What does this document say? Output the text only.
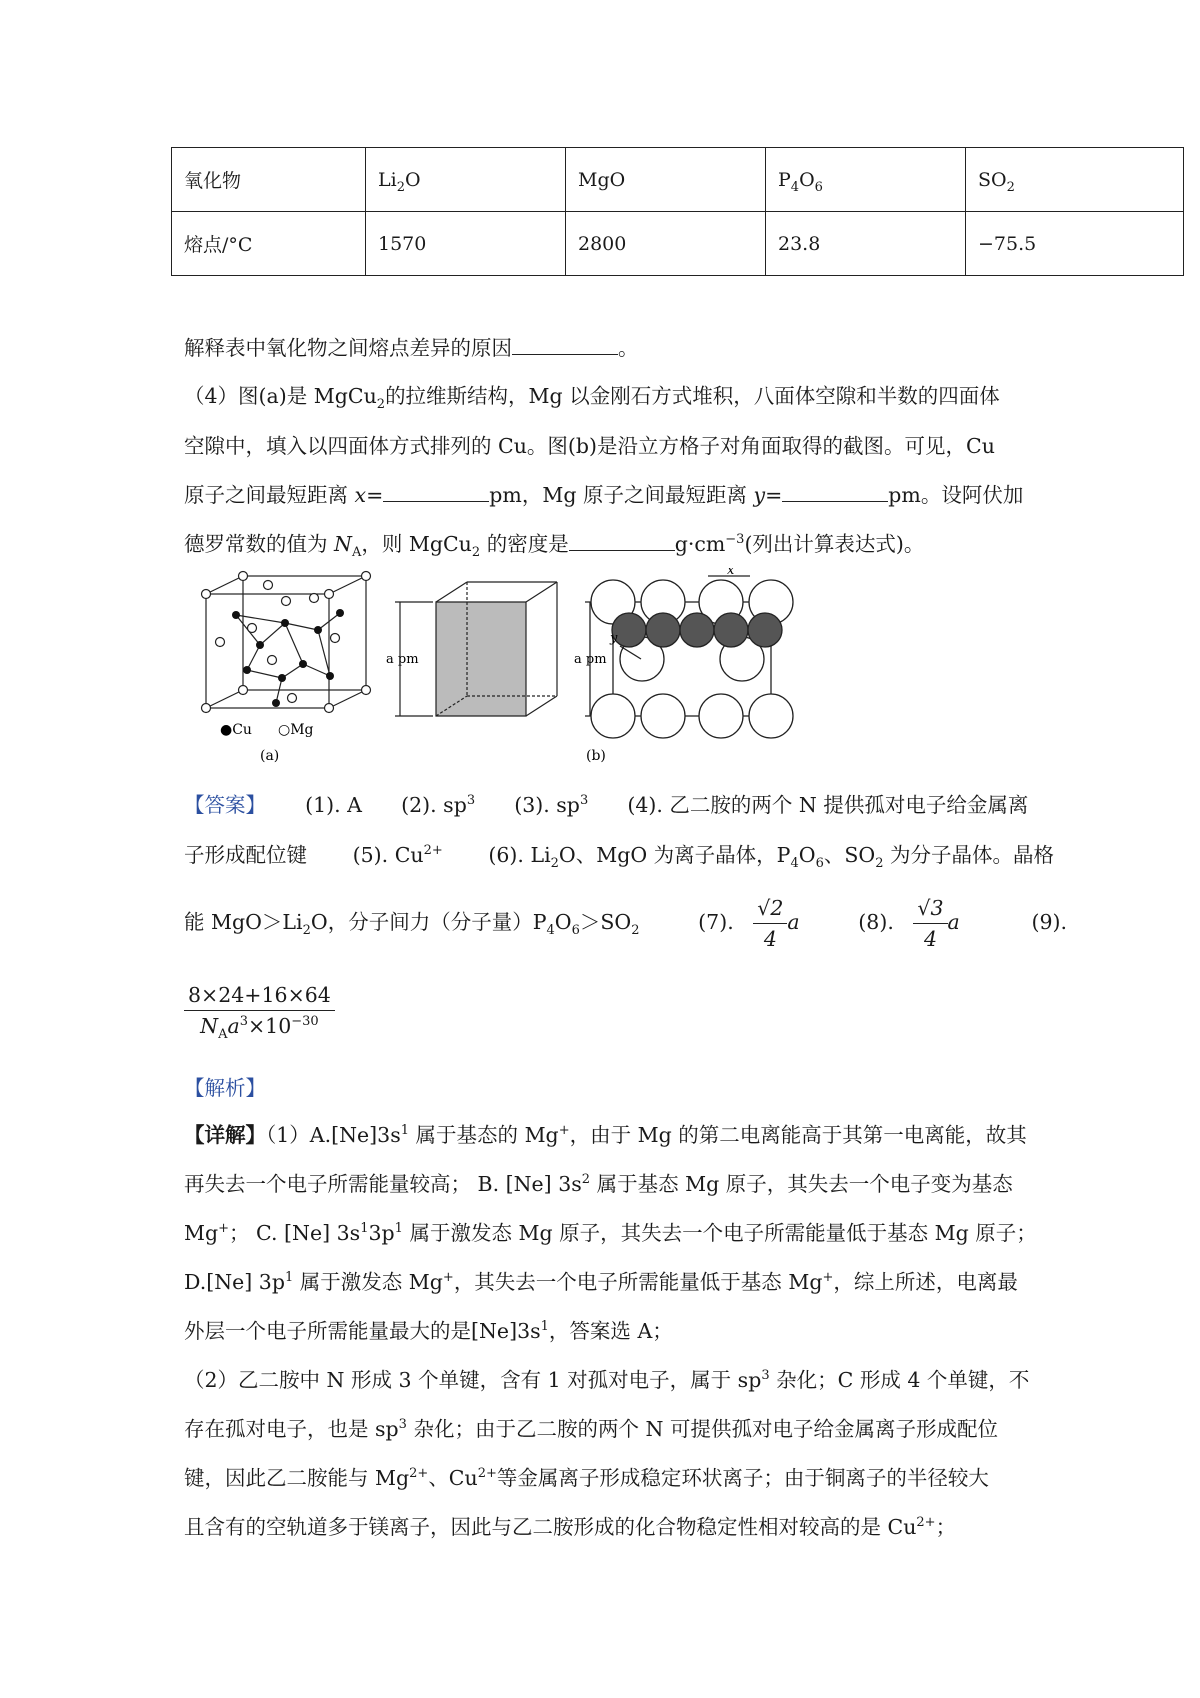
氧化物	$Li_2O$	MgO	$P_4O_6$	$SO_2$
熔点/°C	1570	2800	23.8	−75.5
解释表中氧化物之间熔点差异的原因	。
（4）图(a)是 MgCu$_2$的拉维斯结构，Mg 以金刚石方式堆积，八面体空隙和半数的四面体
空隙中，填入以四面体方式排列的 Cu。图(b)是沿立方格子对角面取得的截图。可见，Cu
原子之间最短距离 x=	pm，Mg 原子之间最短距离 y=	pm。设阿伏加
德罗常数的值为 $N_A$，则 MgCu$_2$ 的密度是	$g\cdot cm^{-3}$(列出计算表达式)。
●Cu ○Mg
(a)
a pm
x
y
a pm
(b)
【答案】 (1). A (2). $sp^3$ (3). $sp^3$ (4). 乙二胺的两个 N 提供孤对电子给金属离
子形成配位键 (5). $Cu^{2+}$ (6). $Li_2O$、MgO 为离子晶体，$P_4O_6$、$SO_2$ 为分子晶体。晶格
能 $MgO>Li_2O$，分子间力（分子量）$P_4O_6>SO_2$	(7). $\frac{√2}{4}$ a	(8). $\frac{√3}{4}$ a	(9).
$\frac{8\times 24+16\times 64}{N_Aa^3\times 10^{-30}}$
【解析】
【详解】$(1)A.[Ne]3s^1$ 属于基态的 Mg+，由于 Mg 的第二电离能高于其第一电离能，故其
再失去一个电子所需能量较高； B. [Ne] $3s^2$ 属于基态 Mg 原子，其失去一个电子变为基态
Mg+； C. [Ne] $3s^13p^1$ 属于激发态 Mg 原子，其失去一个电子所需能量低于基态 Mg 原子；
D.[Ne] $3p^1$ 属于激发态 Mg+，其失去一个电子所需能量低于基态 Mg+，综上所述，电离最
外层一个电子所需能量最大的是$[Ne]3s^1$，答案选 A；
（2）乙二胺中 N 形成 3 个单键，含有 1 对孤对电子，属于 $sp^3$ 杂化；C 形成 4 个单键，不
存在孤对电子，也是 $sp^3$ 杂化；由于乙二胺的两个 N 可提供孤对电子给金属离子形成配位
键，因此乙二胺能与 $Mg^{2+}$、$Cu^{2+}$等金属离子形成稳定环状离子；由于铜离子的半径较大
且含有的空轨道多于镁离子，因此与乙二胺形成的化合物稳定性相对较高的是 $Cu^{2+}$；
